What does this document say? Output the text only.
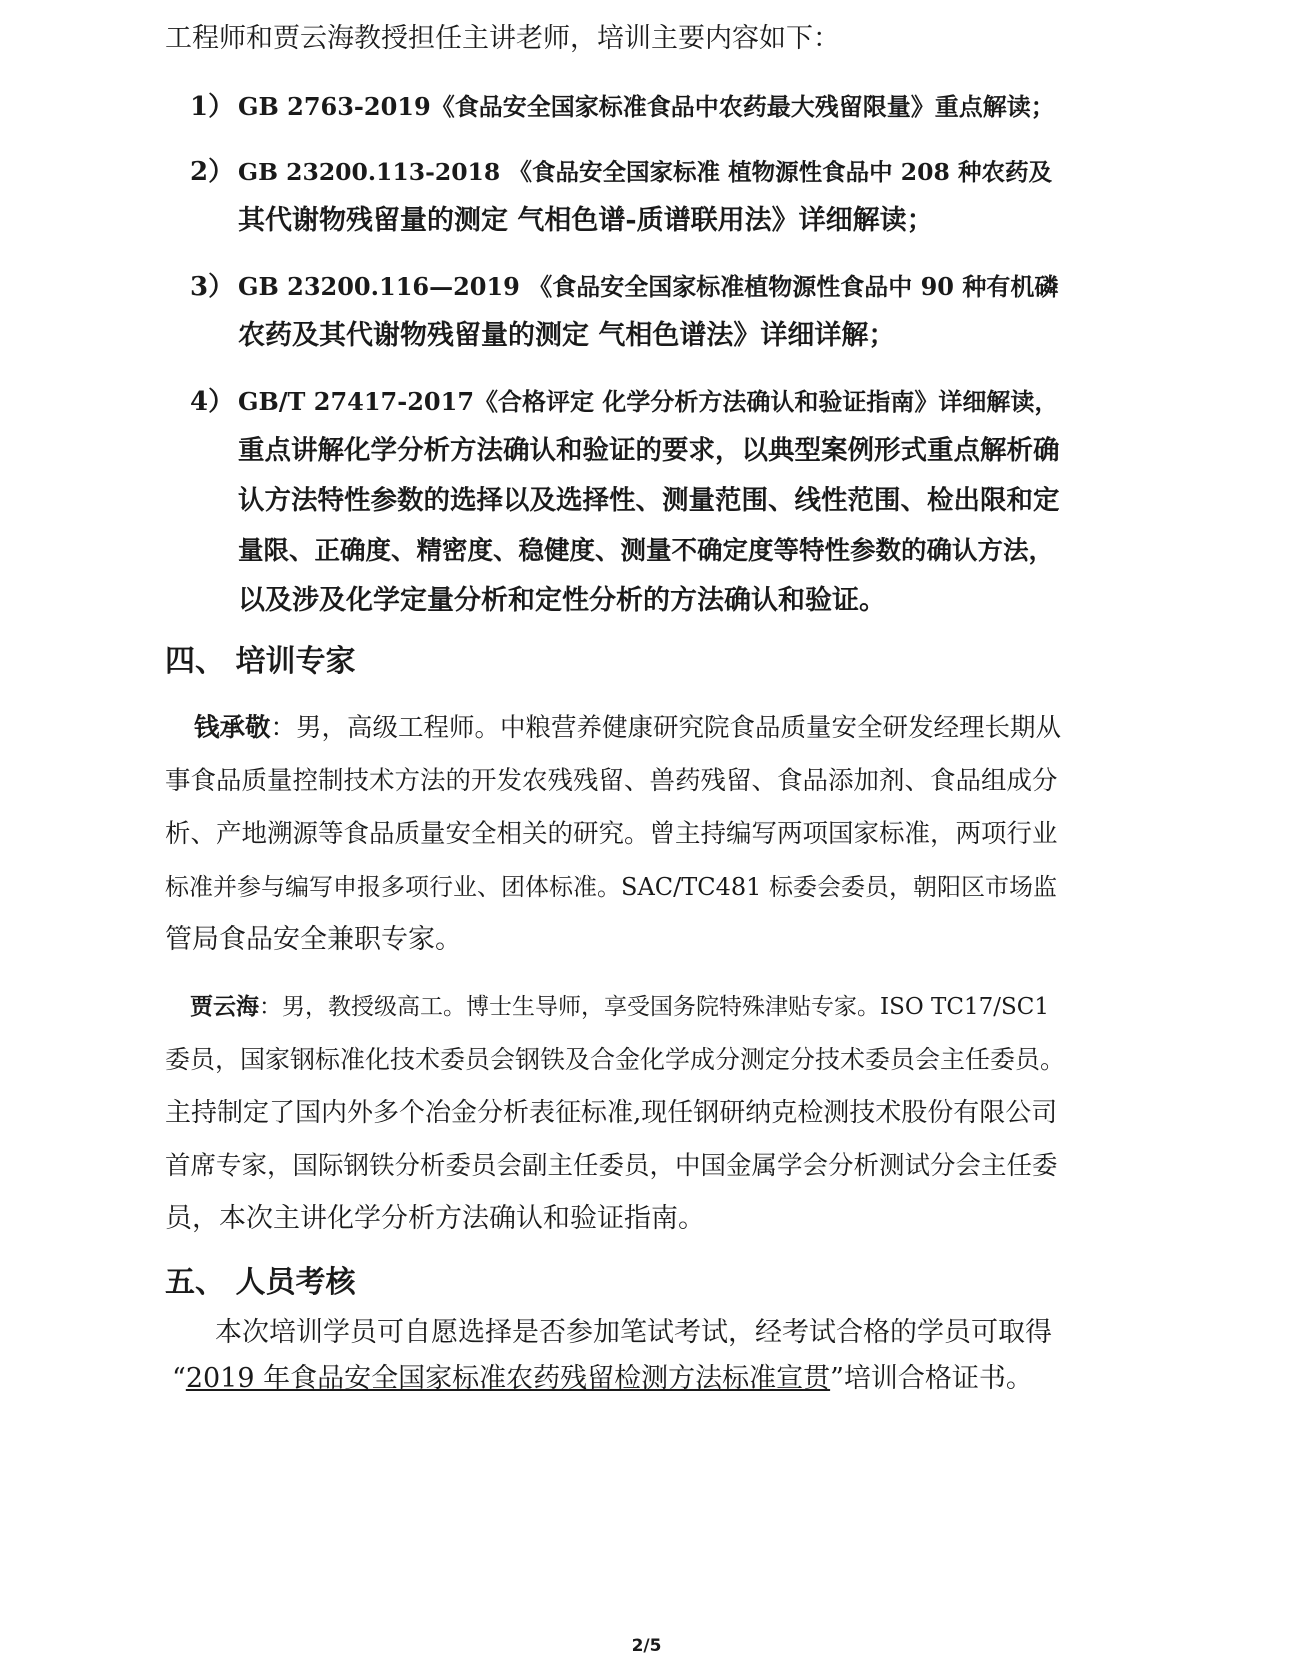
工程师和贾云海教授担任主讲老师，培训主要内容如下：
1） GB 2763-2019《食品安全国家标准食品中农药最大残留限量》重点解读；
2） GB 23200.113-2018 《食品安全国家标准 植物源性食品中 208 种农药及
其代谢物残留量的测定 气相色谱-质谱联用法》详细解读；
3） GB 23200.116—2019 《食品安全国家标准植物源性食品中 90 种有机磷
农药及其代谢物残留量的测定 气相色谱法》详细详解；
4） GB/T 27417-2017《合格评定 化学分析方法确认和验证指南》详细解读，
重点讲解化学分析方法确认和验证的要求，以典型案例形式重点解析确
认方法特性参数的选择以及选择性、测量范围、线性范围、检出限和定
量限、正确度、精密度、稳健度、测量不确定度等特性参数的确认方法，
以及涉及化学定量分析和定性分析的方法确认和验证。
四、 培训专家
钱承敬：男，高级工程师。中粮营养健康研究院食品质量安全研发经理长期从
事食品质量控制技术方法的开发农残残留、兽药残留、食品添加剂、食品组成分
析、产地溯源等食品质量安全相关的研究。曾主持编写两项国家标准，两项行业
标准并参与编写申报多项行业、团体标准。SAC/TC481 标委会委员，朝阳区市场监
管局食品安全兼职专家。
贾云海：男，教授级高工。博士生导师，享受国务院特殊津贴专家。ISO TC17/SC1
委员，国家钢标准化技术委员会钢铁及合金化学成分测定分技术委员会主任委员。
主持制定了国内外多个冶金分析表征标准,现任钢研纳克检测技术股份有限公司
首席专家，国际钢铁分析委员会副主任委员，中国金属学会分析测试分会主任委
员，本次主讲化学分析方法确认和验证指南。
五、 人员考核
本次培训学员可自愿选择是否参加笔试考试，经考试合格的学员可取得
“2019 年食品安全国家标准农药残留检测方法标准宣贯”培训合格证书。
2/5
